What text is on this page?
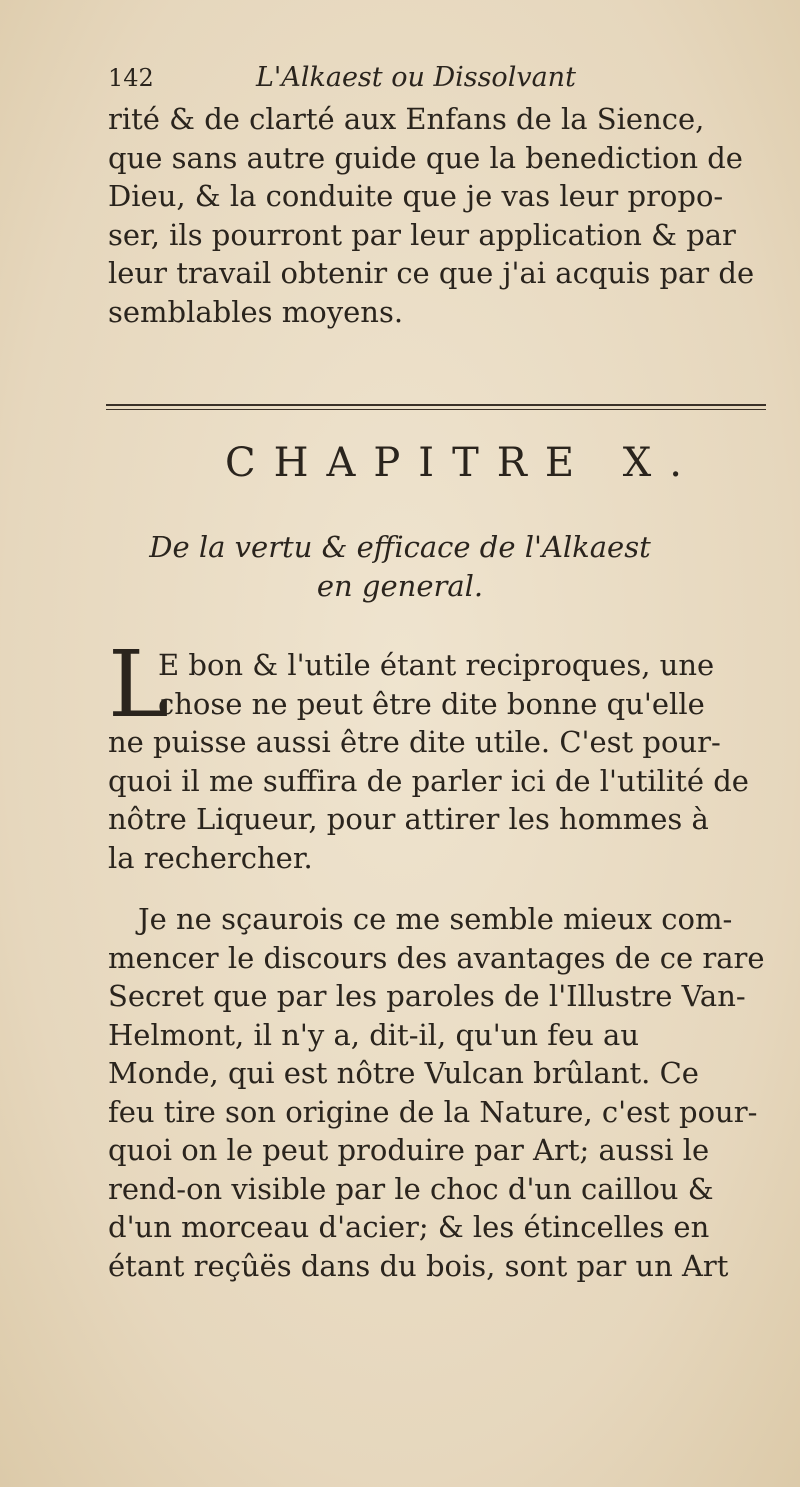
142	L'Alkaest ou Dissolvant
rité & de clarté aux Enfans de la Sience,
que sans autre guide que la benediction de
Dieu, & la conduite que je vas leur propo-
ser, ils pourront par leur application & par
leur travail obtenir ce que j'ai acquis par de
semblables moyens.
CHAPITRE X.
De la vertu & efficace de l'Alkaest
en general.
L
E bon & l'utile étant reciproques, une
chose ne peut être dite bonne qu'elle
ne puisse aussi être dite utile. C'est pour-
quoi il me suffira de parler ici de l'utilité de
nôtre Liqueur, pour attirer les hommes à
la rechercher.
Je ne sçaurois ce me semble mieux com-
mencer le discours des avantages de ce rare
Secret que par les paroles de l'Illustre Van-
Helmont, il n'y a, dit-il, qu'un feu au
Monde, qui est nôtre Vulcan brûlant. Ce
feu tire son origine de la Nature, c'est pour-
quoi on le peut produire par Art; aussi le
rend-on visible par le choc d'un caillou &
d'un morceau d'acier; & les étincelles en
étant reçûës dans du bois, sont par un Art
